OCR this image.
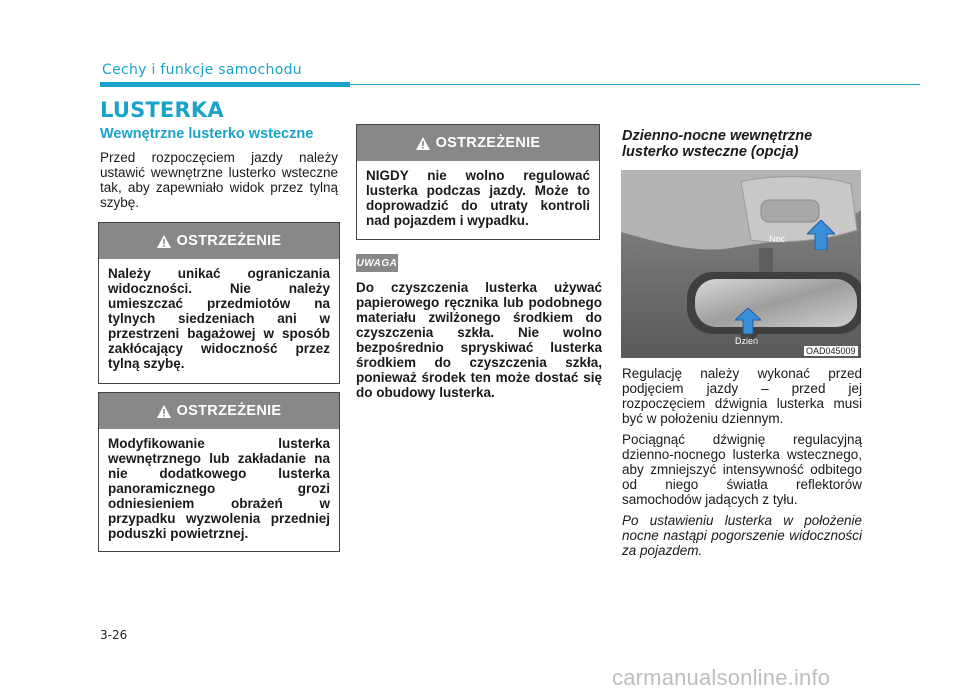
Cechy i funkcje samochodu
LUSTERKA
Wewnętrzne lusterko wsteczne

Przed rozpoczęciem jazdy należy ustawić wewnętrzne lusterko wsteczne tak, aby zapewniało widok przez tylną szybę.

OSTRZEŻENIE
Należy unikać ograniczania widoczności. Nie należy umieszczać przedmiotów na tylnych siedzeniach ani w przestrzeni bagażowej w sposób zakłócający widoczność przez tylną szybę.
OSTRZEŻENIE
Modyfikowanie lusterka wewnętrznego lub zakładanie na nie dodatkowego lusterka panoramicznego grozi odniesieniem obrażeń w przypadku wyzwolenia przedniej poduszki powietrznej.
OSTRZEŻENIE
NIGDY nie wolno regulować lusterka podczas jazdy. Może to doprowadzić do utraty kontroli nad pojazdem i wypadku.
UWAGA
Do czyszczenia lusterka używać papierowego ręcznika lub podobnego materiału zwilżonego środkiem do czyszczenia szkła. Nie wolno bezpośrednio spryskiwać lusterka środkiem do czyszczenia szkła, ponieważ środek ten może dostać się do obudowy lusterka.
Dzienno-nocne wewnętrzne lusterko wsteczne (opcja)
Noc
Dzień
OAD045009

Regulację należy wykonać przed podjęciem jazdy – przed jej rozpoczęciem dźwignia lusterka musi być w położeniu dziennym.

Pociągnąć dźwignię regulacyjną dzienno-nocnego lusterka wstecznego, aby zmniejszyć intensywność odbitego od niego światła reflektorów samochodów jadących z tyłu.

Po ustawieniu lusterka w położenie nocne nastąpi pogorszenie widoczności za pojazdem.

3-26
carmanualsonline.info
